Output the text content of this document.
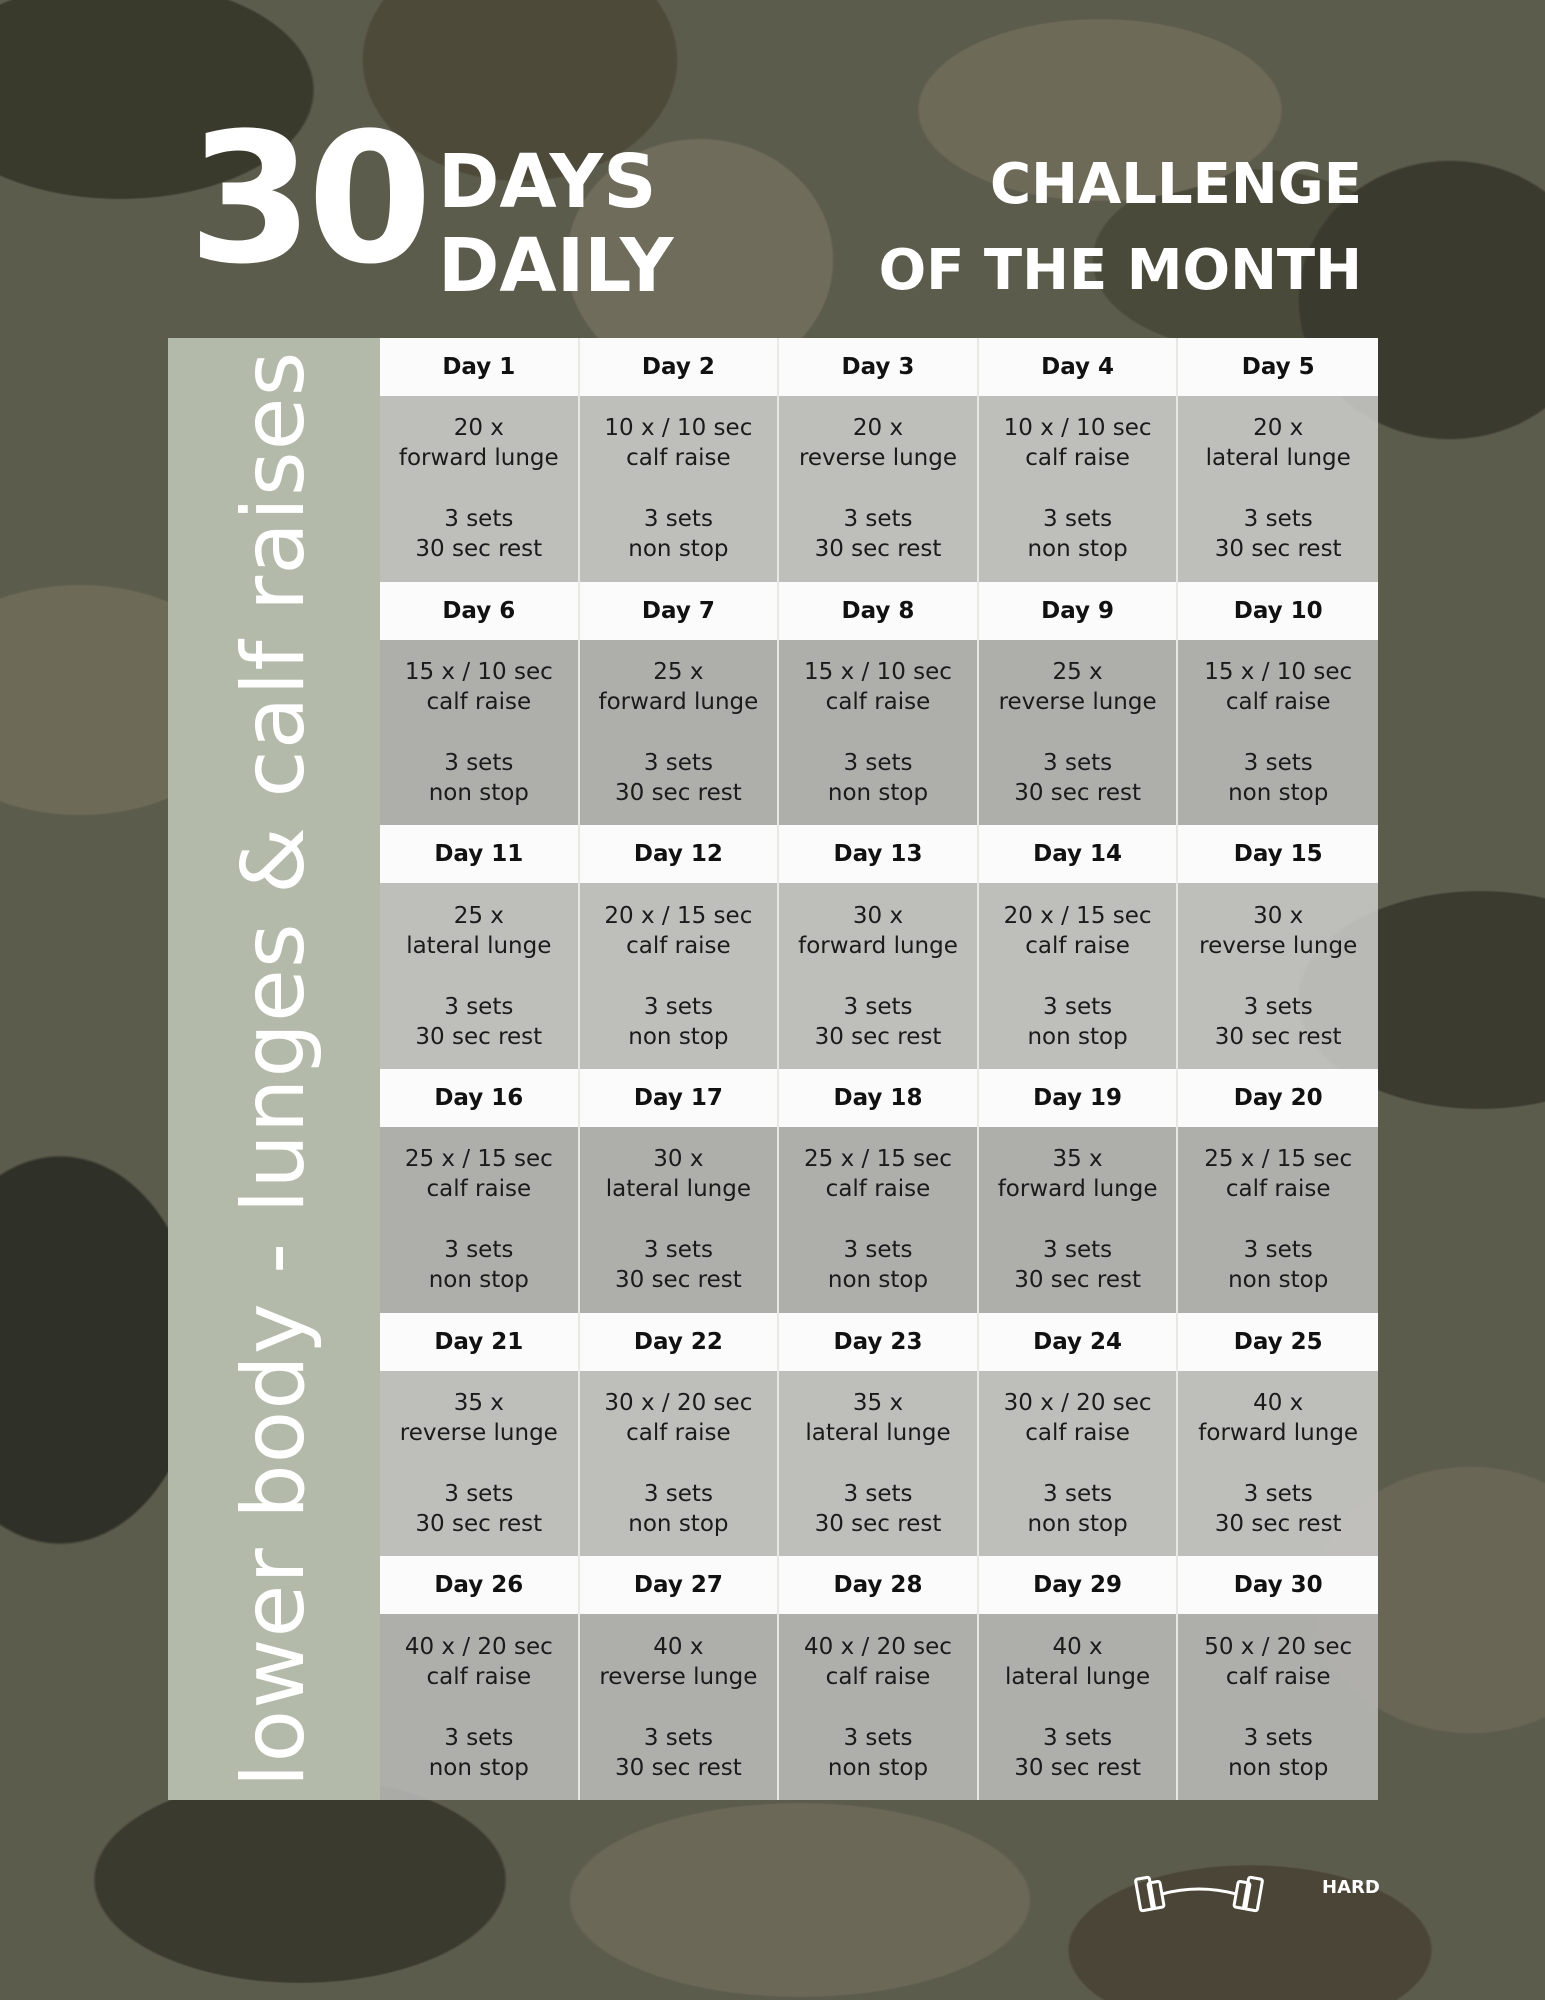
30 DAYS
DAILY
CHALLENGE
OF THE MONTH
lower body - lunges & calf raises	Day 1
20 x
forward lunge
3 sets
30 sec rest
Day 2
10 x / 10 sec
calf raise
3 sets
non stop
Day 3
20 x
reverse lunge
3 sets
30 sec rest
Day 4
10 x / 10 sec
calf raise
3 sets
non stop
Day 5
20 x
lateral lunge
3 sets
30 sec rest
Day 6
15 x / 10 sec
calf raise
3 sets
non stop
Day 7
25 x
forward lunge
3 sets
30 sec rest
Day 8
15 x / 10 sec
calf raise
3 sets
non stop
Day 9
25 x
reverse lunge
3 sets
30 sec rest
Day 10
15 x / 10 sec
calf raise
3 sets
non stop
Day 11
25 x
lateral lunge
3 sets
30 sec rest
Day 12
20 x / 15 sec
calf raise
3 sets
non stop
Day 13
30 x
forward lunge
3 sets
30 sec rest
Day 14
20 x / 15 sec
calf raise
3 sets
non stop
Day 15
30 x
reverse lunge
3 sets
30 sec rest
Day 16
25 x / 15 sec
calf raise
3 sets
non stop
Day 17
30 x
lateral lunge
3 sets
30 sec rest
Day 18
25 x / 15 sec
calf raise
3 sets
non stop
Day 19
35 x
forward lunge
3 sets
30 sec rest
Day 20
25 x / 15 sec
calf raise
3 sets
non stop
Day 21
35 x
reverse lunge
3 sets
30 sec rest
Day 22
30 x / 20 sec
calf raise
3 sets
non stop
Day 23
35 x
lateral lunge
3 sets
30 sec rest
Day 24
30 x / 20 sec
calf raise
3 sets
non stop
Day 25
40 x
forward lunge
3 sets
30 sec rest
Day 26
40 x / 20 sec
calf raise
3 sets
non stop
Day 27
40 x
reverse lunge
3 sets
30 sec rest
Day 28
40 x / 20 sec
calf raise
3 sets
non stop
Day 29
40 x
lateral lunge
3 sets
30 sec rest
Day 30
50 x / 20 sec
calf raise
3 sets
non stop
HARD
